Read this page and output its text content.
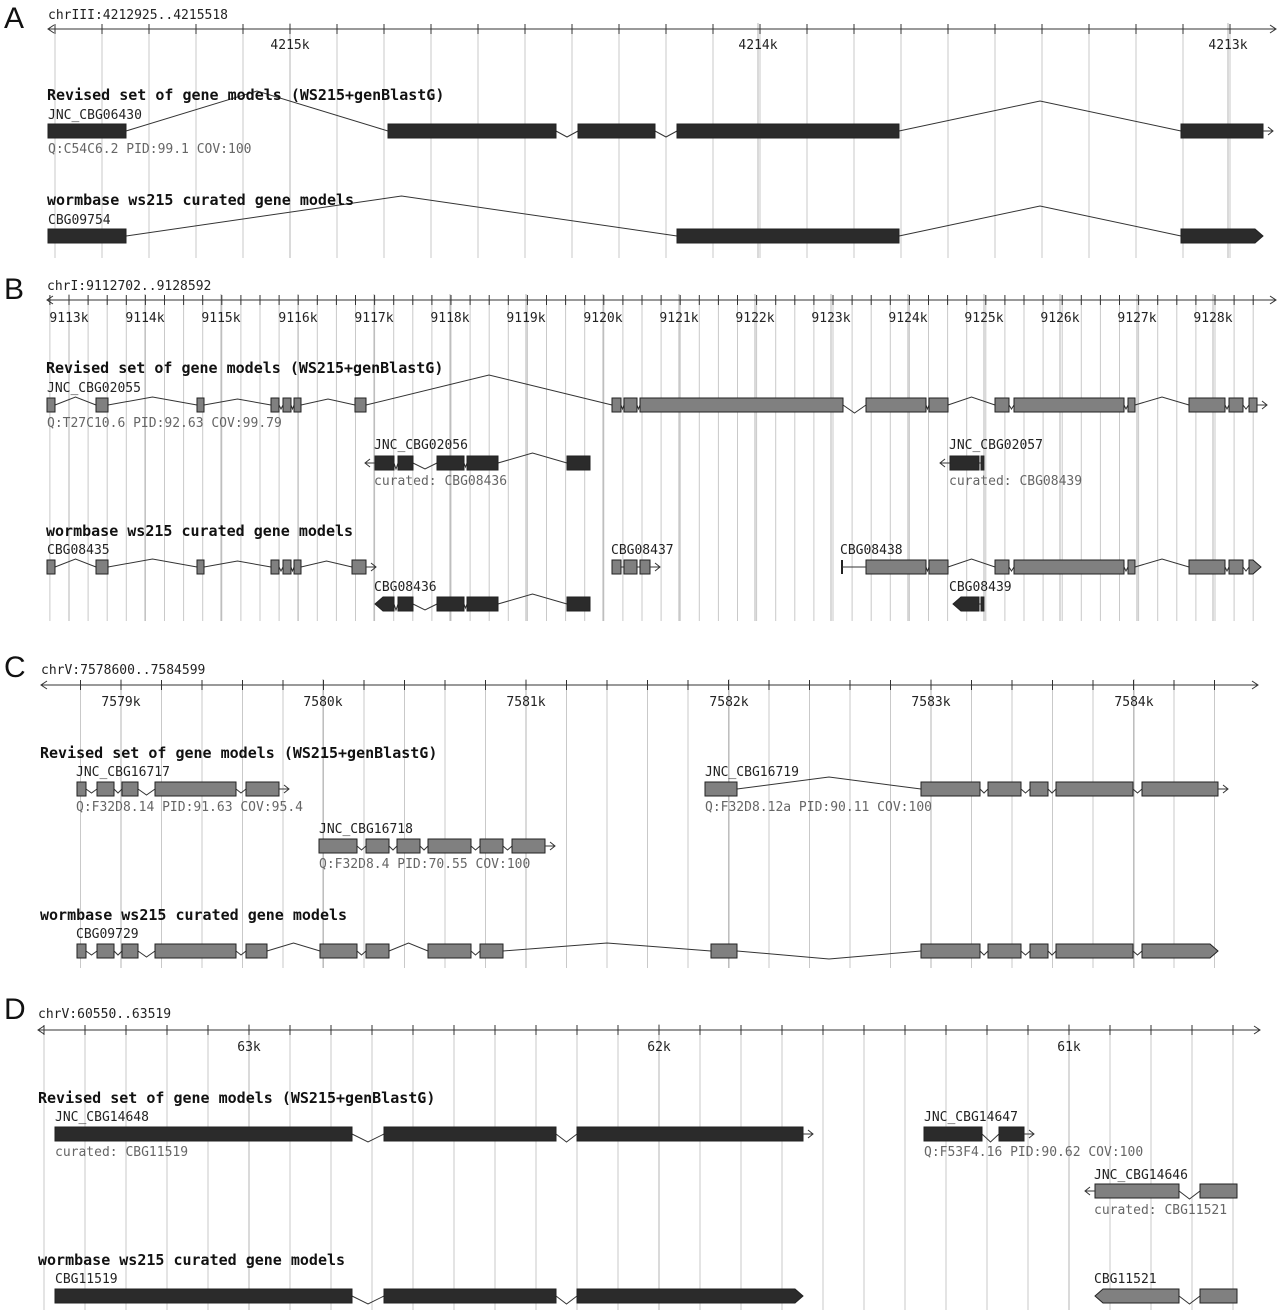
A
B
C
D
chrIII:4212925..4215518
chrI:9112702..9128592
chrV:7578600..7584599
chrV:60550..63519
4215k	4214k	4213k
9113k	9114k	9115k	9116k	9117k	9118k	9119k	9120k	9121k	9122k	9123k	9124k	9125k	9126k	9127k	9128k
7579k	7580k	7581k	7582k	7583k	7584k
63k	62k	61k
Revised set of gene models (WS215+genBlastG)
wormbase ws215 curated gene models
Revised set of gene models (WS215+genBlastG)
wormbase ws215 curated gene models
Revised set of gene models (WS215+genBlastG)
wormbase ws215 curated gene models
Revised set of gene models (WS215+genBlastG)
wormbase ws215 curated gene models
JNC_CBG06430
Q:C54C6.2 PID:99.1 COV:100
CBG09754
JNC_CBG02055
Q:T27C10.6 PID:92.63 COV:99.79
JNC_CBG02056
curated: CBG08436
JNC_CBG02057
curated: CBG08439
CBG08435	CBG08437	CBG08438
CBG08436	CBG08439
JNC_CBG16717
Q:F32D8.14 PID:91.63 COV:95.4
JNC_CBG16718
Q:F32D8.4 PID:70.55 COV:100
JNC_CBG16719
Q:F32D8.12a PID:90.11 COV:100
CBG09729
JNC_CBG14648
curated: CBG11519
JNC_CBG14647
Q:F53F4.16 PID:90.62 COV:100
JNC_CBG14646
curated: CBG11521
CBG11519	CBG11521
